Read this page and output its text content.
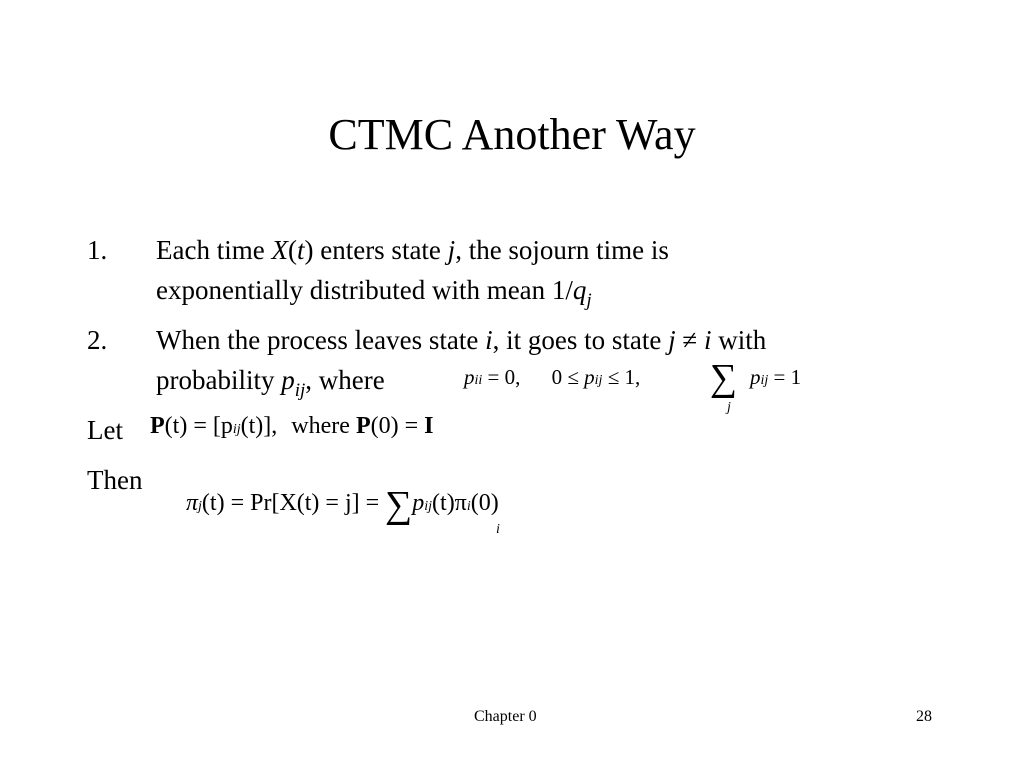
CTMC Another Way
1. Each time X(t) enters state j, the sojourn time is
exponentially distributed with mean $1/q_j$
2. When the process leaves state i, it goes to state j ≠ i with
probability $p_{ij}$, where	pii = 0, 0 ≤ pij ≤ 1, ∑
j
pij = 1
Let P(t) = [pij(t)], where P(0) = I
Then
πj(t) = Pr[X(t) = j] = ∑pij(t)πi(0)
i
Chapter 0	28
